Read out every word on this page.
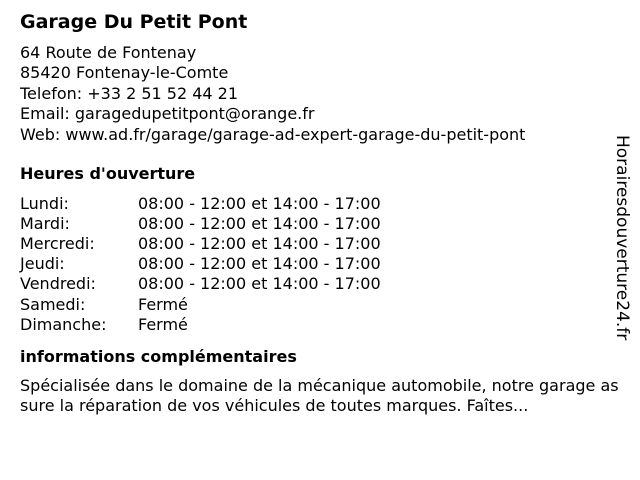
Garage Du Petit Pont
64 Route de Fontenay
85420 Fontenay-le-Comte
Telefon: +33 2 51 52 44 21
Email: garagedupetitpont@orange.fr
Web: www.ad.fr/garage/garage-ad-expert-garage-du-petit-pont
Heures d'ouverture
Lundi:	08:00 - 12:00 et 14:00 - 17:00
Mardi:	08:00 - 12:00 et 14:00 - 17:00
Mercredi:	08:00 - 12:00 et 14:00 - 17:00
Jeudi:	08:00 - 12:00 et 14:00 - 17:00
Vendredi:	08:00 - 12:00 et 14:00 - 17:00
Samedi:	Fermé
Dimanche:	Fermé
informations complémentaires

Spécialisée dans le domaine de la mécanique automobile, notre garage assure la réparation de vos véhicules de toutes marques. Faîtes...

Horairesdouverture24.fr
